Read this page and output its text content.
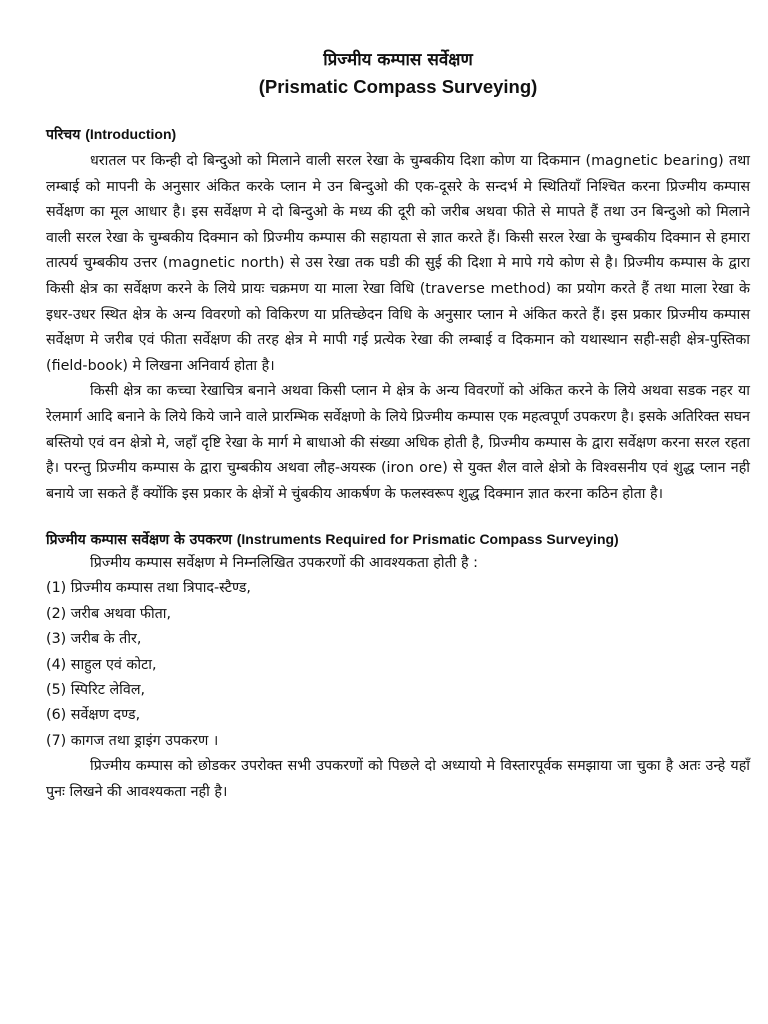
प्रिज्मीय कम्पास सर्वेक्षण
(Prismatic Compass Surveying)
परिचय (Introduction)

धरातल पर किन्ही दो बिन्दुओ को मिलाने वाली सरल रेखा के चुम्बकीय दिशा कोण या दिकमान (magnetic bearing) तथा लम्बाई को मापनी के अनुसार अंकित करके प्लान मे उन बिन्दुओ की एक-दूसरे के सन्दर्भ मे स्थितियाँ निश्चित करना प्रिज्मीय कम्पास सर्वेक्षण का मूल आधार है। इस सर्वेक्षण मे दो बिन्दुओ के मध्य की दूरी को जरीब अथवा फीते से मापते हैं तथा उन बिन्दुओ को मिलाने वाली सरल रेखा के चुम्बकीय दिक्मान को प्रिज्मीय कम्पास की सहायता से ज्ञात करते हैं। किसी सरल रेखा के चुम्बकीय दिक्मान से हमारा तात्पर्य चुम्बकीय उत्तर (magnetic north) से उस रेखा तक घडी की सुई की दिशा मे मापे गये कोण से है। प्रिज्मीय कम्पास के द्वारा किसी क्षेत्र का सर्वेक्षण करने के लिये प्रायः चक्रमण या माला रेखा विधि (traverse method) का प्रयोग करते हैं तथा माला रेखा के इधर-उधर स्थित क्षेत्र के अन्य विवरणो को विकिरण या प्रतिच्छेदन विधि के अनुसार प्लान मे अंकित करते हैं। इस प्रकार प्रिज्मीय कम्पास सर्वेक्षण मे जरीब एवं फीता सर्वेक्षण की तरह क्षेत्र मे मापी गई प्रत्येक रेखा की लम्बाई व दिकमान को यथास्थान सही-सही क्षेत्र-पुस्तिका (field-book) मे लिखना अनिवार्य होता है।

किसी क्षेत्र का कच्चा रेखाचित्र बनाने अथवा किसी प्लान मे क्षेत्र के अन्य विवरणों को अंकित करने के लिये अथवा सडक नहर या रेलमार्ग आदि बनाने के लिये किये जाने वाले प्रारम्भिक सर्वेक्षणो के लिये प्रिज्मीय कम्पास एक महत्वपूर्ण उपकरण है। इसके अतिरिक्त सघन बस्तियो एवं वन क्षेत्रो मे, जहाँ दृष्टि रेखा के मार्ग मे बाधाओ की संख्या अधिक होती है, प्रिज्मीय कम्पास के द्वारा सर्वेक्षण करना सरल रहता है। परन्तु प्रिज्मीय कम्पास के द्वारा चुम्बकीय अथवा लौह-अयस्क (iron ore) से युक्त शैल वाले क्षेत्रो के विश्वसनीय एवं शुद्ध प्लान नही बनाये जा सकते हैं क्योंकि इस प्रकार के क्षेत्रों मे चुंबकीय आकर्षण के फलस्वरूप शुद्ध दिक्मान ज्ञात करना कठिन होता है।

प्रिज्मीय कम्पास सर्वेक्षण के उपकरण (Instruments Required for Prismatic Compass Surveying)

प्रिज्मीय कम्पास सर्वेक्षण मे निम्नलिखित उपकरणों की आवश्यकता होती है :

(1) प्रिज्मीय कम्पास तथा त्रिपाद-स्टैण्ड,
(2) जरीब अथवा फीता,
(3) जरीब के तीर,
(4) साहुल एवं कोटा,
(5) स्पिरिट लेविल,
(6) सर्वेक्षण दण्ड,
(7) कागज तथा ड्राइंग उपकरण ।

प्रिज्मीय कम्पास को छोडकर उपरोक्त सभी उपकरणों को पिछले दो अध्यायो मे विस्तारपूर्वक समझाया जा चुका है अतः उन्हे यहाँ पुनः लिखने की आवश्यकता नही है।
